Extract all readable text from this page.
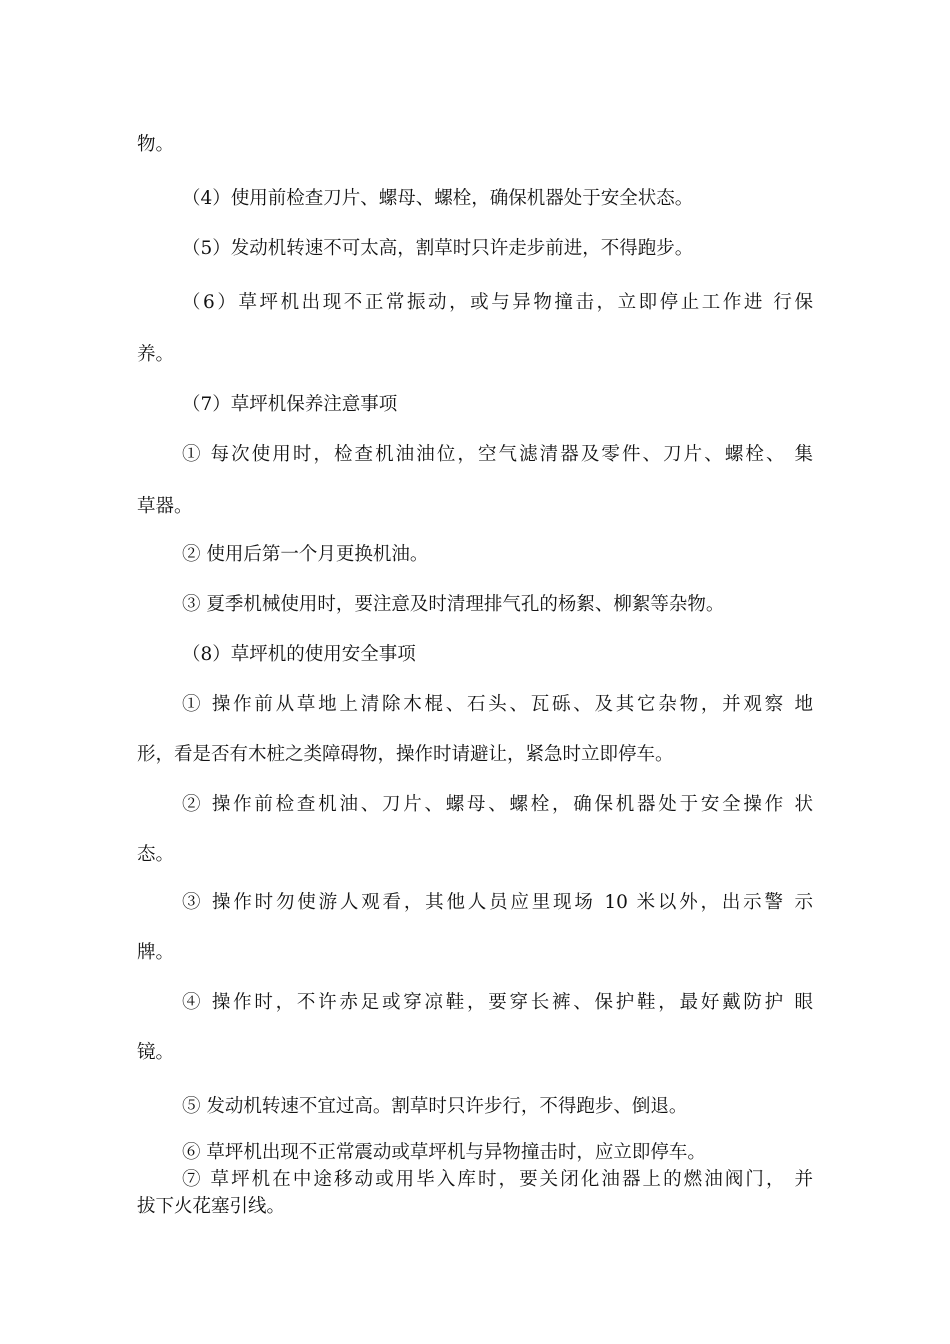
物。
（4）使用前检查刀片、螺母、螺栓，确保机器处于安全状态。
（5）发动机转速不可太高，割草时只许走步前进，不得跑步。
（6）草坪机出现不正常振动，或与异物撞击，立即停止工作进 行保
养。
（7）草坪机保养注意事项
① 每次使用时，检查机油油位，空气滤清器及零件、刀片、螺栓、 集
草器。
② 使用后第一个月更换机油。
③ 夏季机械使用时，要注意及时清理排气孔的杨絮、柳絮等杂物。
（8）草坪机的使用安全事项
① 操作前从草地上清除木棍、石头、瓦砾、及其它杂物，并观察 地
形，看是否有木桩之类障碍物，操作时请避让，紧急时立即停车。
② 操作前检查机油、刀片、螺母、螺栓，确保机器处于安全操作 状
态。
③ 操作时勿使游人观看，其他人员应里现场 10 米以外，出示警 示
牌。
④ 操作时，不许赤足或穿凉鞋，要穿长裤、保护鞋，最好戴防护 眼
镜。
⑤ 发动机转速不宜过高。割草时只许步行，不得跑步、倒退。
⑥ 草坪机出现不正常震动或草坪机与异物撞击时，应立即停车。
⑦ 草坪机在中途移动或用毕入库时，要关闭化油器上的燃油阀门， 并
拔下火花塞引线。
